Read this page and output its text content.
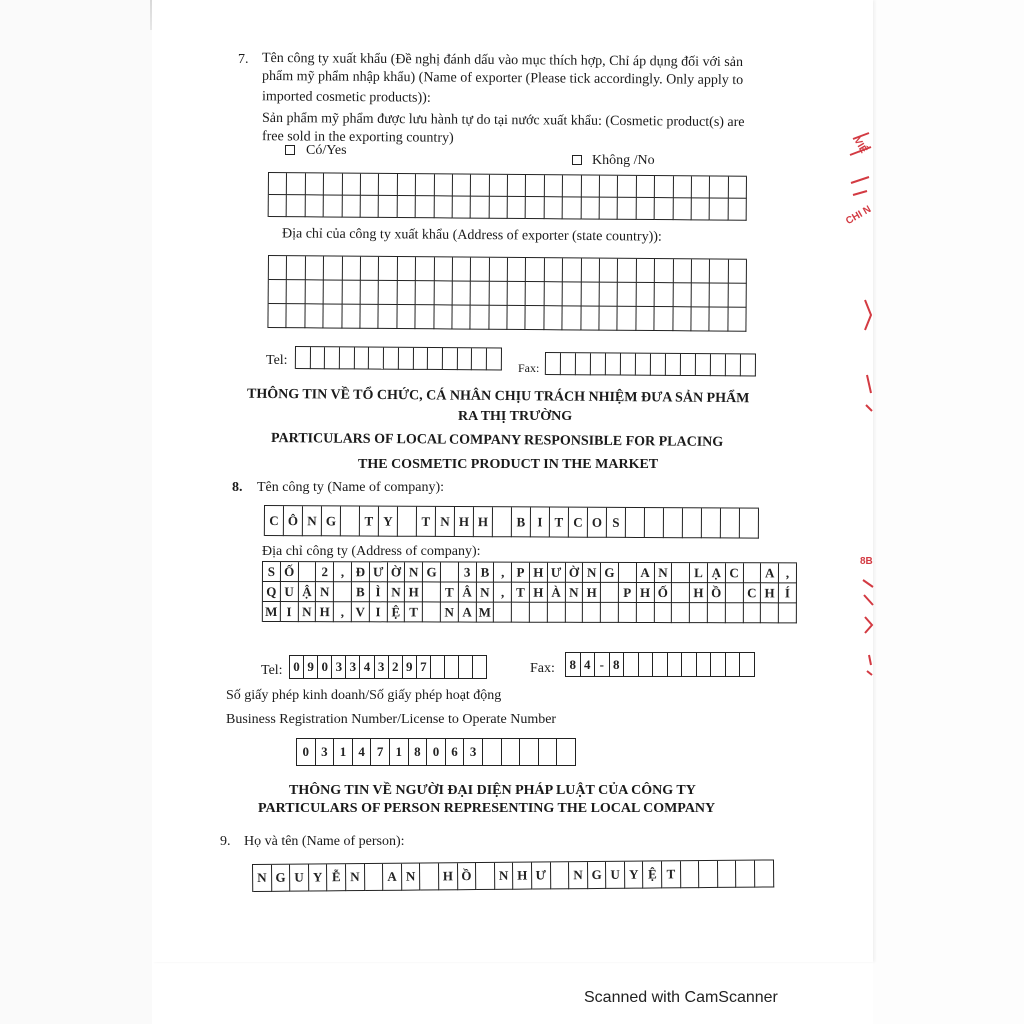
7. Tên công ty xuất khẩu (Đề nghị đánh dấu vào mục thích hợp, Chỉ áp dụng đối với sản
phẩm mỹ phẩm nhập khẩu) (Name of exporter (Please tick accordingly. Only apply to
imported cosmetic products)):
Sản phẩm mỹ phẩm được lưu hành tự do tại nước xuất khẩu: (Cosmetic product(s) are
free sold in the exporting country)
Có/Yes
Không /No
Địa chỉ của công ty xuất khẩu (Address of exporter (state country)):
Tel:	Fax:
THÔNG TIN VỀ TỔ CHỨC, CÁ NHÂN CHỊU TRÁCH NHIỆM ĐƯA SẢN PHẨM
RA THỊ TRƯỜNG
PARTICULARS OF LOCAL COMPANY RESPONSIBLE FOR PLACING
THE COSMETIC PRODUCT IN THE MARKET
8. Tên công ty (Name of company):
C Ô N G	T Y	T N H H	B I T C O S
Địa chỉ công ty (Address of company):
S Ố	2 , Đ Ư Ờ N G	3 B , P H Ư Ờ N G	A N	L Ạ C	A ,
Q U Ậ N	B Ì N H	T Â N , T H À N H	P H Ố	H Ồ	C H Í
M I N H , V I Ệ T	N A M
Tel: 0 9 0 3 3 4 3 2 9 7	Fax: 8 4 - 8
Số giấy phép kinh doanh/Số giấy phép hoạt động
Business Registration Number/License to Operate Number
0 3 1 4 7 1 8 0 6 3
THÔNG TIN VỀ NGƯỜI ĐẠI DIỆN PHÁP LUẬT CỦA CÔNG TY
PARTICULARS OF PERSON REPRESENTING THE LOCAL COMPANY
9. Họ và tên (Name of person):
N G U Y Ễ N	A N	H Ồ	N H Ư	N G U Y Ệ T
VIỆ
CHI N
8B
Scanned with CamScanner
